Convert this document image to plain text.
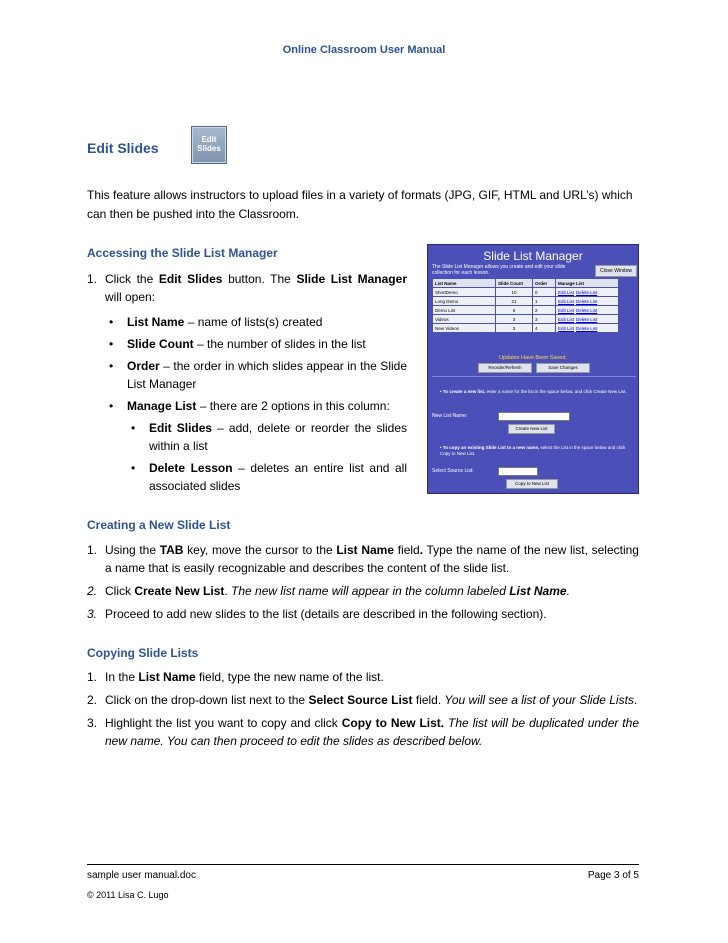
Online Classroom User Manual
Edit Slides
Edit
Slides

This feature allows instructors to upload files in a variety of formats (JPG, GIF, HTML and URL’s) which can then be pushed into the Classroom.

Accessing the Slide List Manager
1. Click the Edit Slides button. The Slide List Manager will open:
• List Name – name of lists(s) created
• Slide Count – the number of slides in the list
• Order – the order in which slides appear in the Slide List Manager
• Manage List – there are 2 options in this column:
• Edit Slides – add, delete or reorder the slides within a list
• Delete Lesson – deletes an entire list and all associated slides
Slide List Manager
The Slide List Manager allows you create and edit your slide collection for each lesson.	Close Window
List Name	Slide Count	Order	Manage List
ShortDemo	10	0	Edit List Delete List
Long Demo	21	1	Edit List Delete List
Demo List	6	2	Edit List Delete List
Videos	3	3	Edit List Delete List
New Videos	3	4	Edit List Delete List
Updates Have Been Saved.
Reorder/Refresh	Save Changes
• To create a new list, enter a name for the list in the space below, and click Create New List.
New List Name:
Create New List
• To copy an existing Slide List to a new name, select the List in the space below and click Copy to New List.
Select Source List:
Copy to New List
Creating a New Slide List
1. Using the TAB key, move the cursor to the List Name field. Type the name of the new list, selecting a name that is easily recognizable and describes the content of the slide list.
2. Click Create New List. The new list name will appear in the column labeled List Name.
3. Proceed to add new slides to the list (details are described in the following section).
Copying Slide Lists
1. In the List Name field, type the new name of the list.
2. Click on the drop-down list next to the Select Source List field. You will see a list of your Slide Lists.
3. Highlight the list you want to copy and click Copy to New List. The list will be duplicated under the new name. You can then proceed to edit the slides as described below.
sample user manual.doc	Page 3 of 5
© 2011 Lisa C. Lugo
